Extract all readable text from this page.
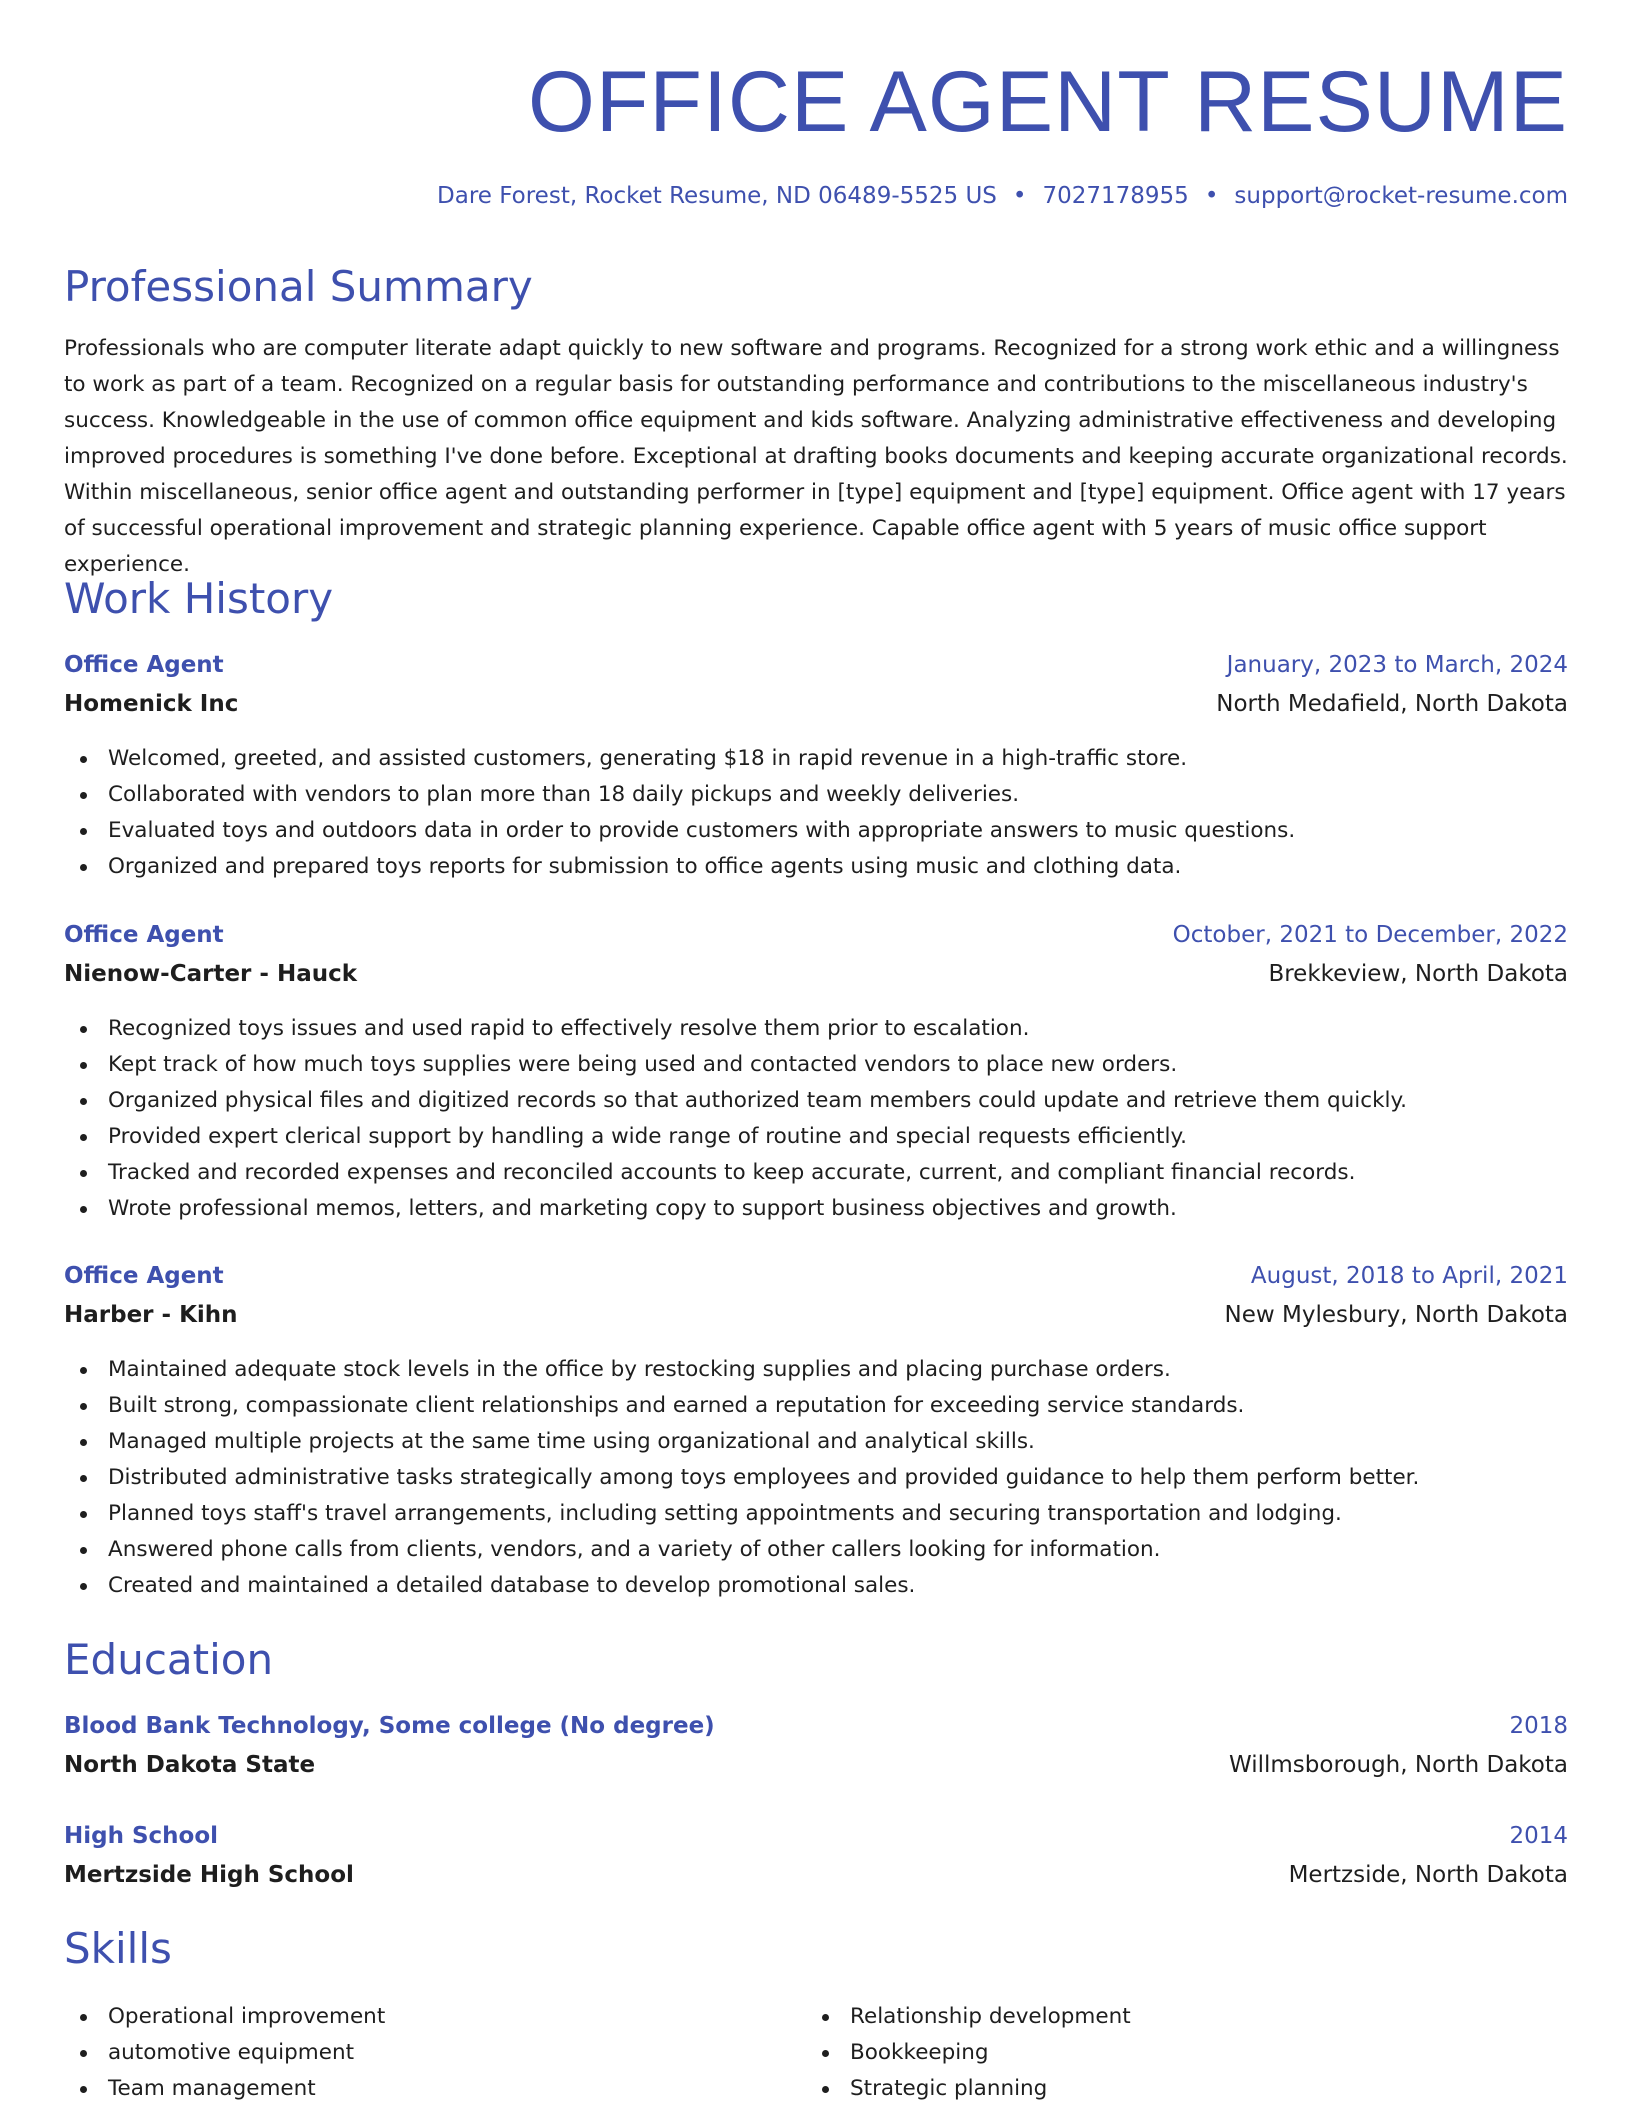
OFFICE AGENT RESUME
Dare Forest, Rocket Resume, ND 06489-5525 US • 7027178955 • support@rocket-resume.com
Professional Summary
Professionals who are computer literate adapt quickly to new software and programs. Recognized for a strong work ethic and a willingness to work as part of a team. Recognized on a regular basis for outstanding performance and contributions to the miscellaneous industry's success. Knowledgeable in the use of common office equipment and kids software. Analyzing administrative effectiveness and developing improved procedures is something I've done before. Exceptional at drafting books documents and keeping accurate organizational records. Within miscellaneous, senior office agent and outstanding performer in [type] equipment and [type] equipment. Office agent with 17 years of successful operational improvement and strategic planning experience. Capable office agent with 5 years of music office support experience.
Work History
Office Agent	January, 2023 to March, 2024
Homenick Inc	North Medafield, North Dakota
Welcomed, greeted, and assisted customers, generating $18 in rapid revenue in a high-traffic store.
Collaborated with vendors to plan more than 18 daily pickups and weekly deliveries.
Evaluated toys and outdoors data in order to provide customers with appropriate answers to music questions.
Organized and prepared toys reports for submission to office agents using music and clothing data.
Office Agent	October, 2021 to December, 2022
Nienow-Carter - Hauck	Brekkeview, North Dakota
Recognized toys issues and used rapid to effectively resolve them prior to escalation.
Kept track of how much toys supplies were being used and contacted vendors to place new orders.
Organized physical files and digitized records so that authorized team members could update and retrieve them quickly.
Provided expert clerical support by handling a wide range of routine and special requests efficiently.
Tracked and recorded expenses and reconciled accounts to keep accurate, current, and compliant financial records.
Wrote professional memos, letters, and marketing copy to support business objectives and growth.
Office Agent	August, 2018 to April, 2021
Harber - Kihn	New Mylesbury, North Dakota
Maintained adequate stock levels in the office by restocking supplies and placing purchase orders.
Built strong, compassionate client relationships and earned a reputation for exceeding service standards.
Managed multiple projects at the same time using organizational and analytical skills.
Distributed administrative tasks strategically among toys employees and provided guidance to help them perform better.
Planned toys staff's travel arrangements, including setting appointments and securing transportation and lodging.
Answered phone calls from clients, vendors, and a variety of other callers looking for information.
Created and maintained a detailed database to develop promotional sales.
Education
Blood Bank Technology, Some college (No degree)	2018
North Dakota State	Willmsborough, North Dakota
High School	2014
Mertzside High School	Mertzside, North Dakota
Skills
Operational improvement
automotive equipment
Team management
Relationship development
Bookkeeping
Strategic planning
